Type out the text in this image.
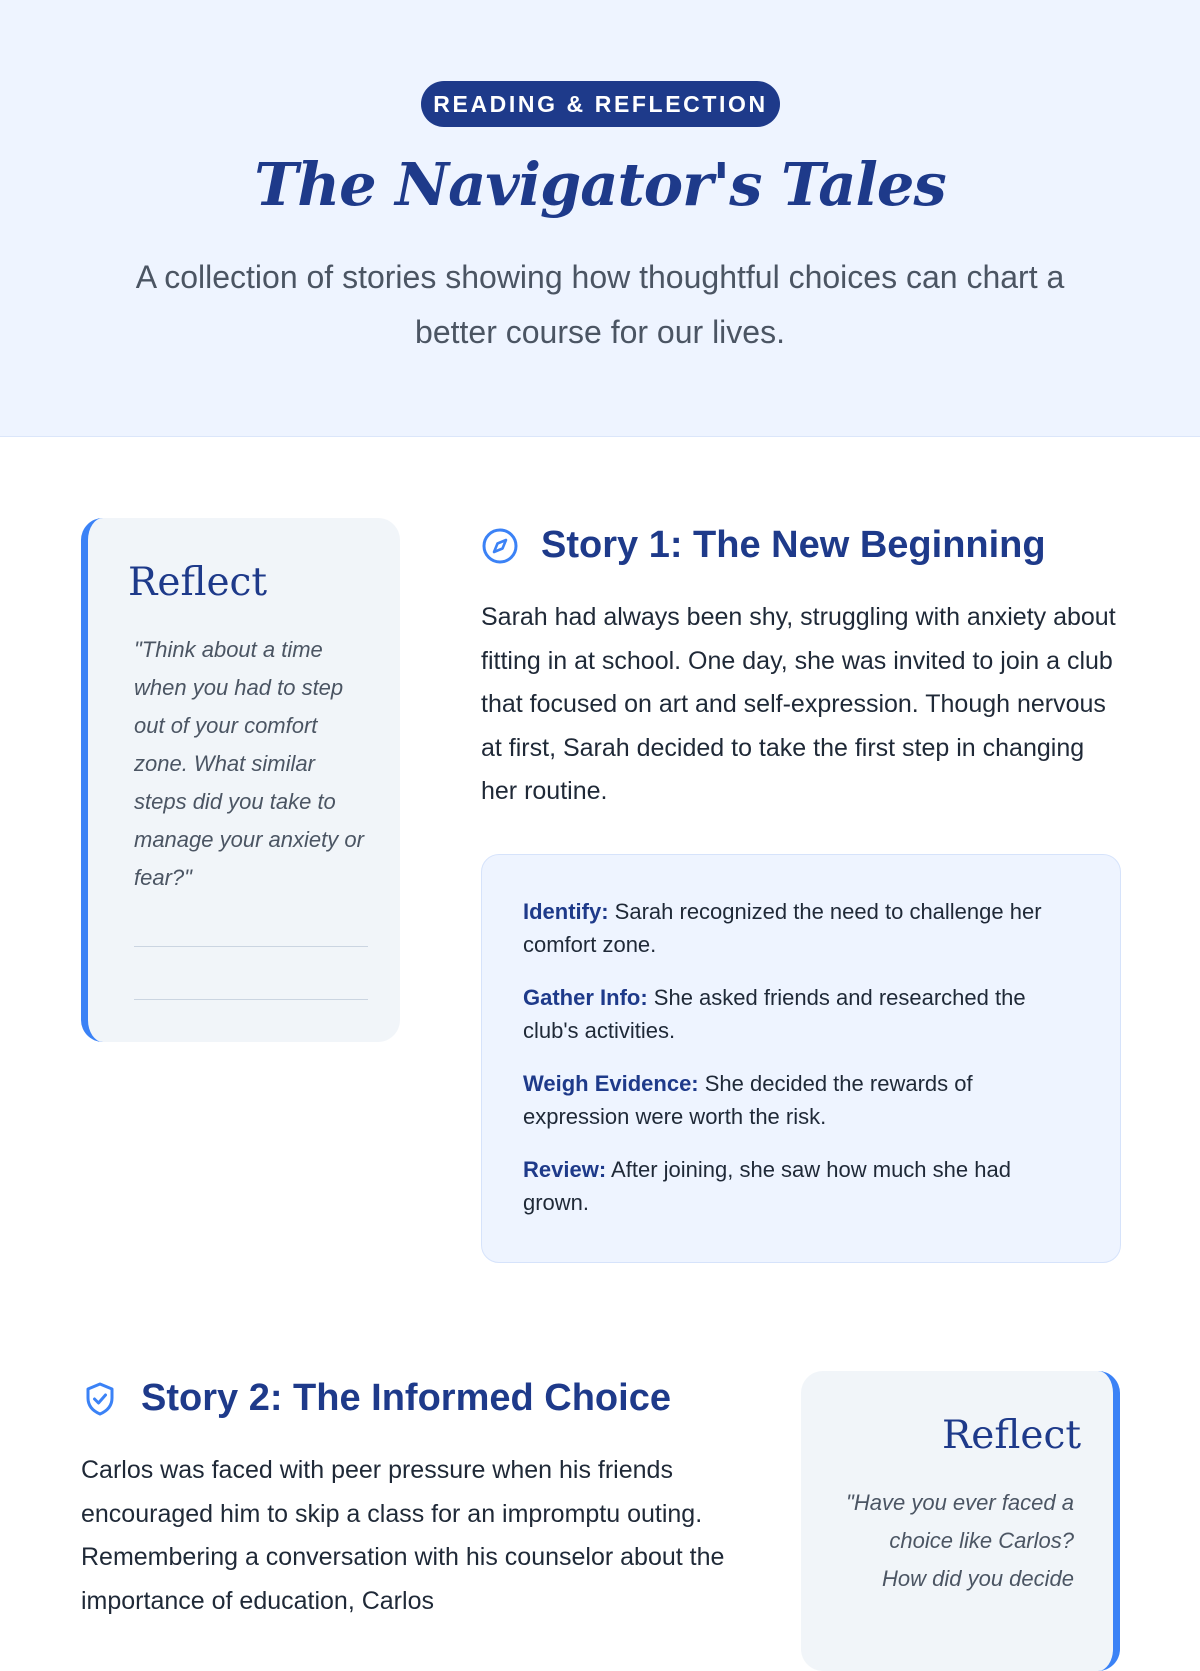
READING & REFLECTION
The Navigator's Tales

A collection of stories showing how thoughtful choices can chart a better course for our lives.

Reflect
"Think about a time when you had to step out of your comfort zone. What similar steps did you take to manage your anxiety or fear?"
Story 1: The New Beginning

Sarah had always been shy, struggling with anxiety about fitting in at school. One day, she was invited to join a club that focused on art and self-expression. Though nervous at first, Sarah decided to take the first step in changing her routine.

Identify: Sarah recognized the need to challenge her comfort zone.
Gather Info: She asked friends and researched the club's activities.
Weigh Evidence: She decided the rewards of expression were worth the risk.
Review: After joining, she saw how much she had grown.
Story 2: The Informed Choice

Carlos was faced with peer pressure when his friends encouraged him to skip a class for an impromptu outing. Remembering a conversation with his counselor about the importance of education, Carlos

Reflect
"Have you ever faced a choice like Carlos? How did you decide
